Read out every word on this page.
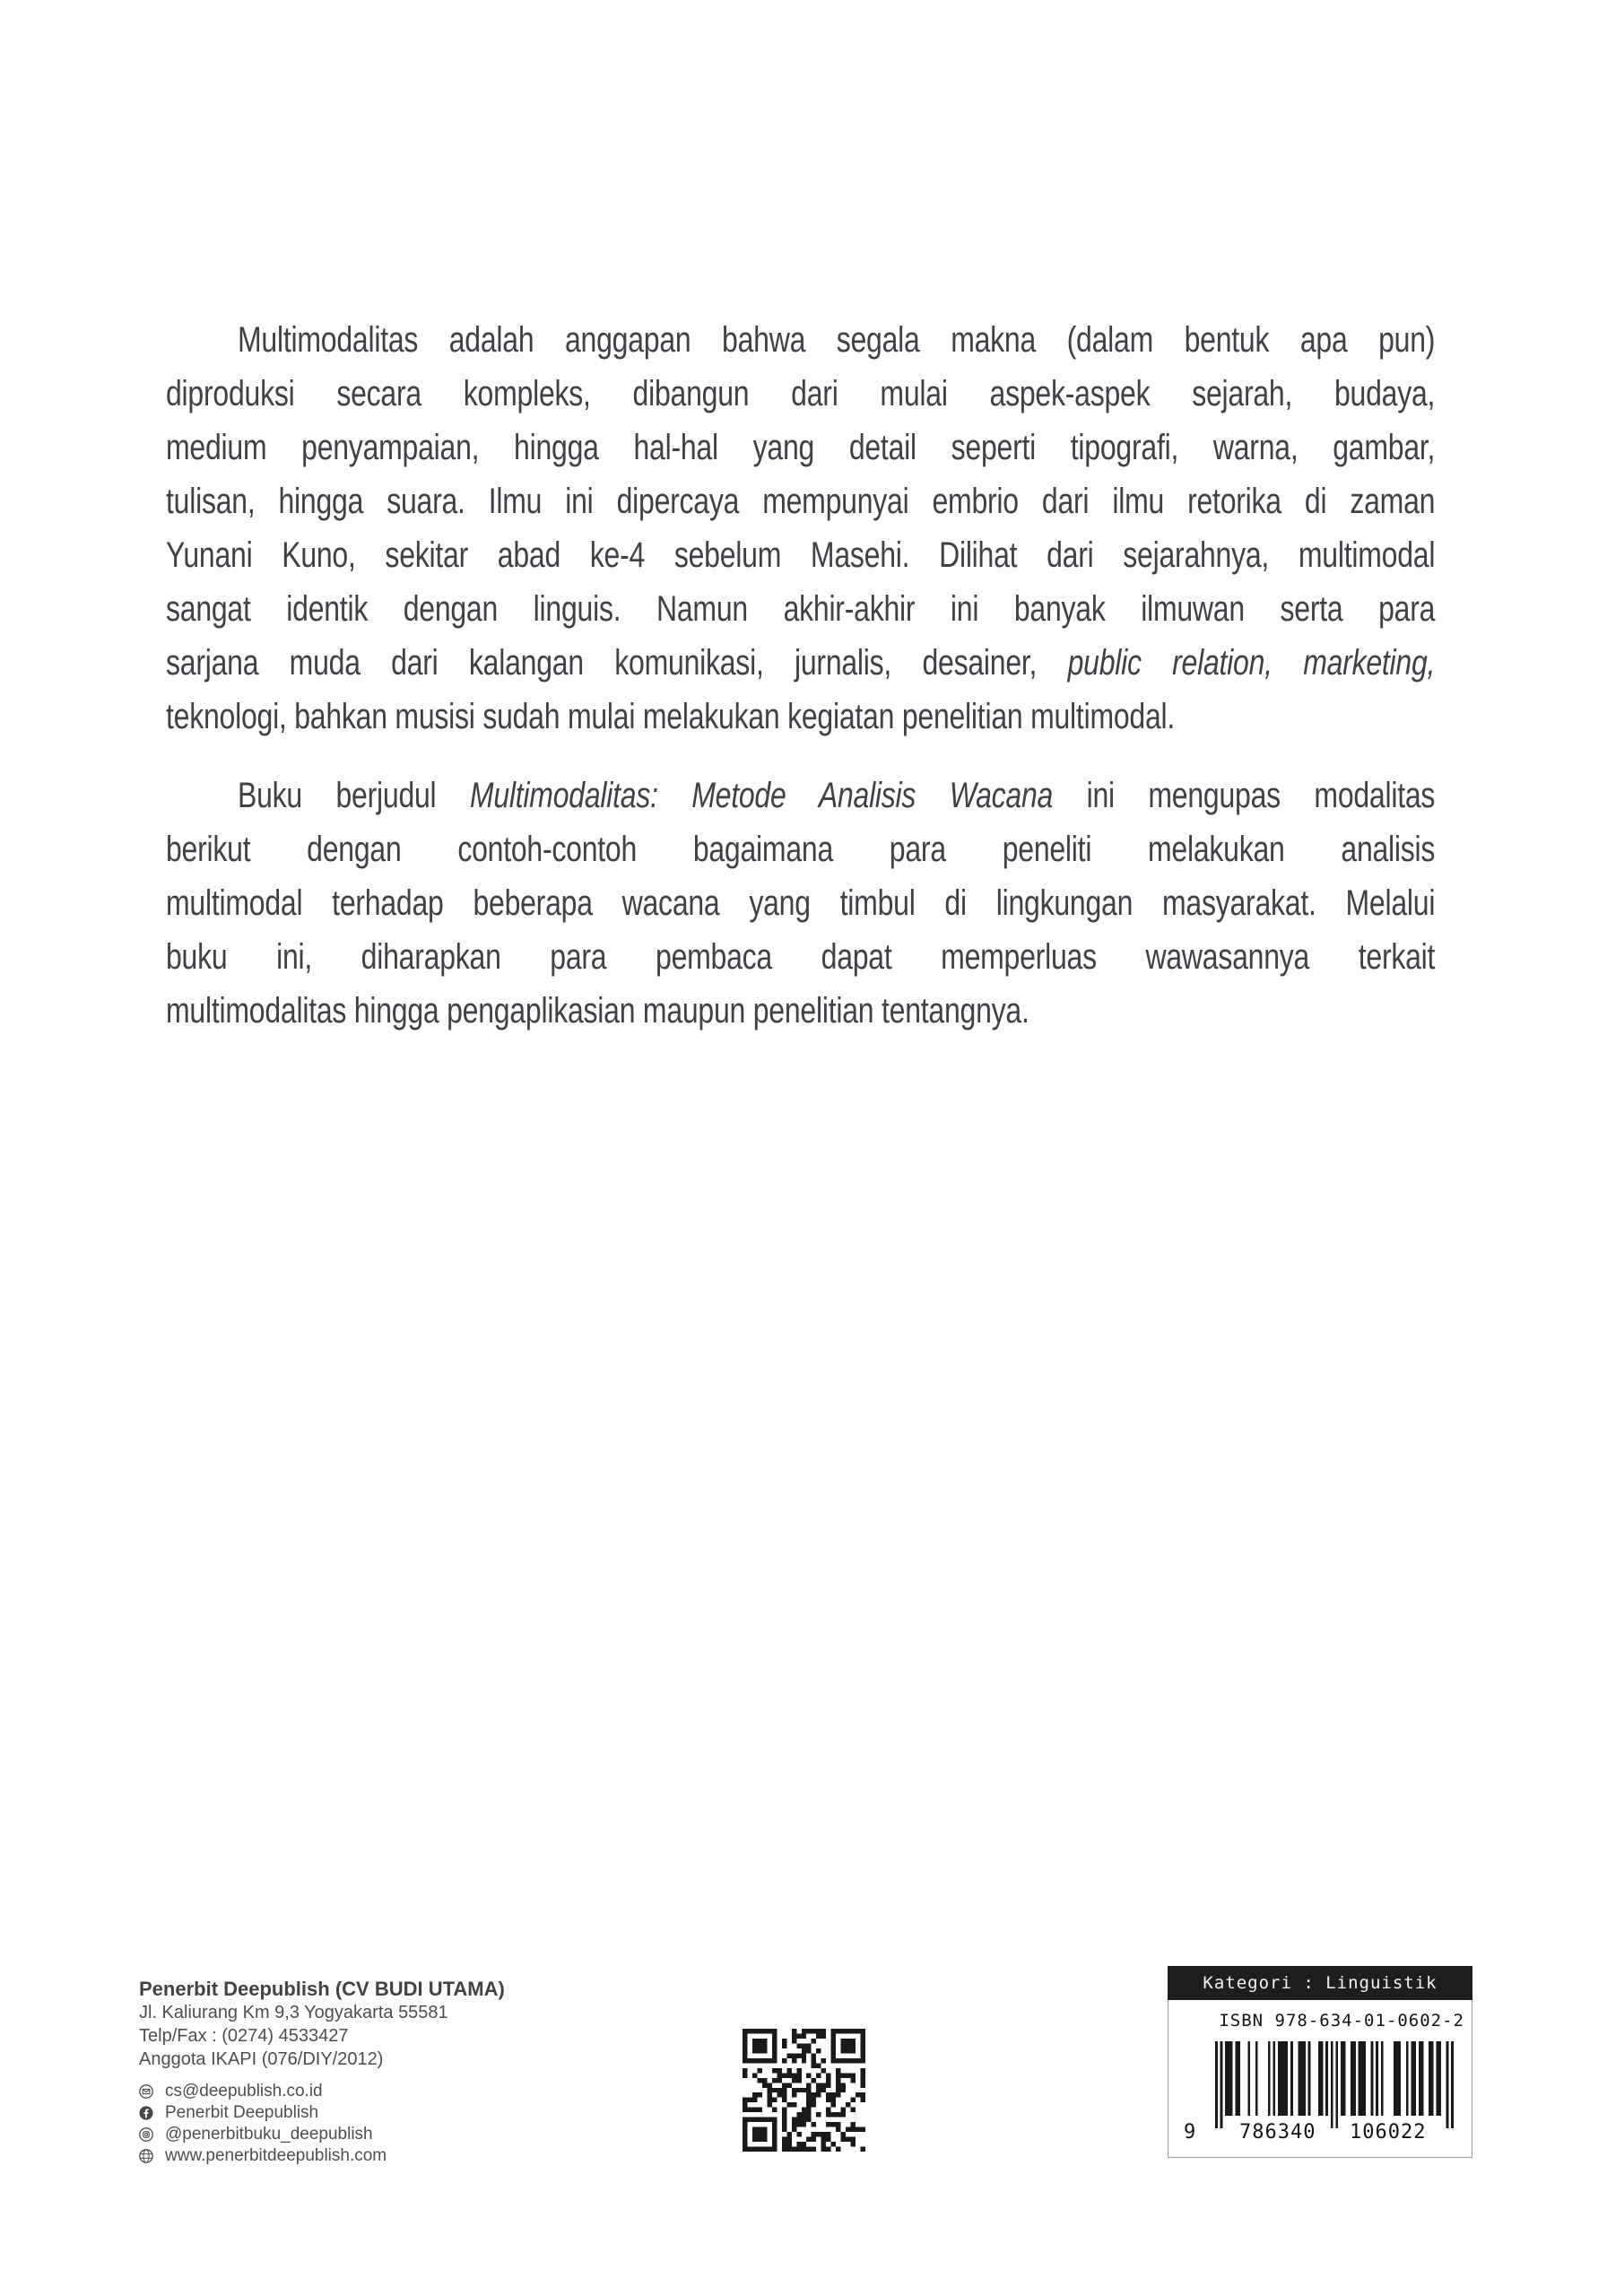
Multimodalitas adalah anggapan bahwa segala makna (dalam bentuk apa pun)
diproduksi secara kompleks, dibangun dari mulai aspek-aspek sejarah, budaya,
medium penyampaian, hingga hal-hal yang detail seperti tipografi, warna, gambar,
tulisan, hingga suara. Ilmu ini dipercaya mempunyai embrio dari ilmu retorika di zaman
Yunani Kuno, sekitar abad ke-4 sebelum Masehi. Dilihat dari sejarahnya, multimodal
sangat identik dengan linguis. Namun akhir-akhir ini banyak ilmuwan serta para
sarjana muda dari kalangan komunikasi, jurnalis, desainer, public relation, marketing,
teknologi, bahkan musisi sudah mulai melakukan kegiatan penelitian multimodal.
Buku berjudul Multimodalitas: Metode Analisis Wacana ini mengupas modalitas
berikut dengan contoh-contoh bagaimana para peneliti melakukan analisis
multimodal terhadap beberapa wacana yang timbul di lingkungan masyarakat. Melalui
buku ini, diharapkan para pembaca dapat memperluas wawasannya terkait
multimodalitas hingga pengaplikasian maupun penelitian tentangnya.
Penerbit Deepublish (CV BUDI UTAMA)
Jl. Kaliurang Km 9,3 Yogyakarta 55581
Telp/Fax : (0274) 4533427
Anggota IKAPI (076/DIY/2012)
cs@deepublish.co.id
Penerbit Deepublish
@penerbitbuku_deepublish
www.penerbitdeepublish.com
Kategori : Linguistik
ISBN 978-634-01-0602-2
9 786340 106022
